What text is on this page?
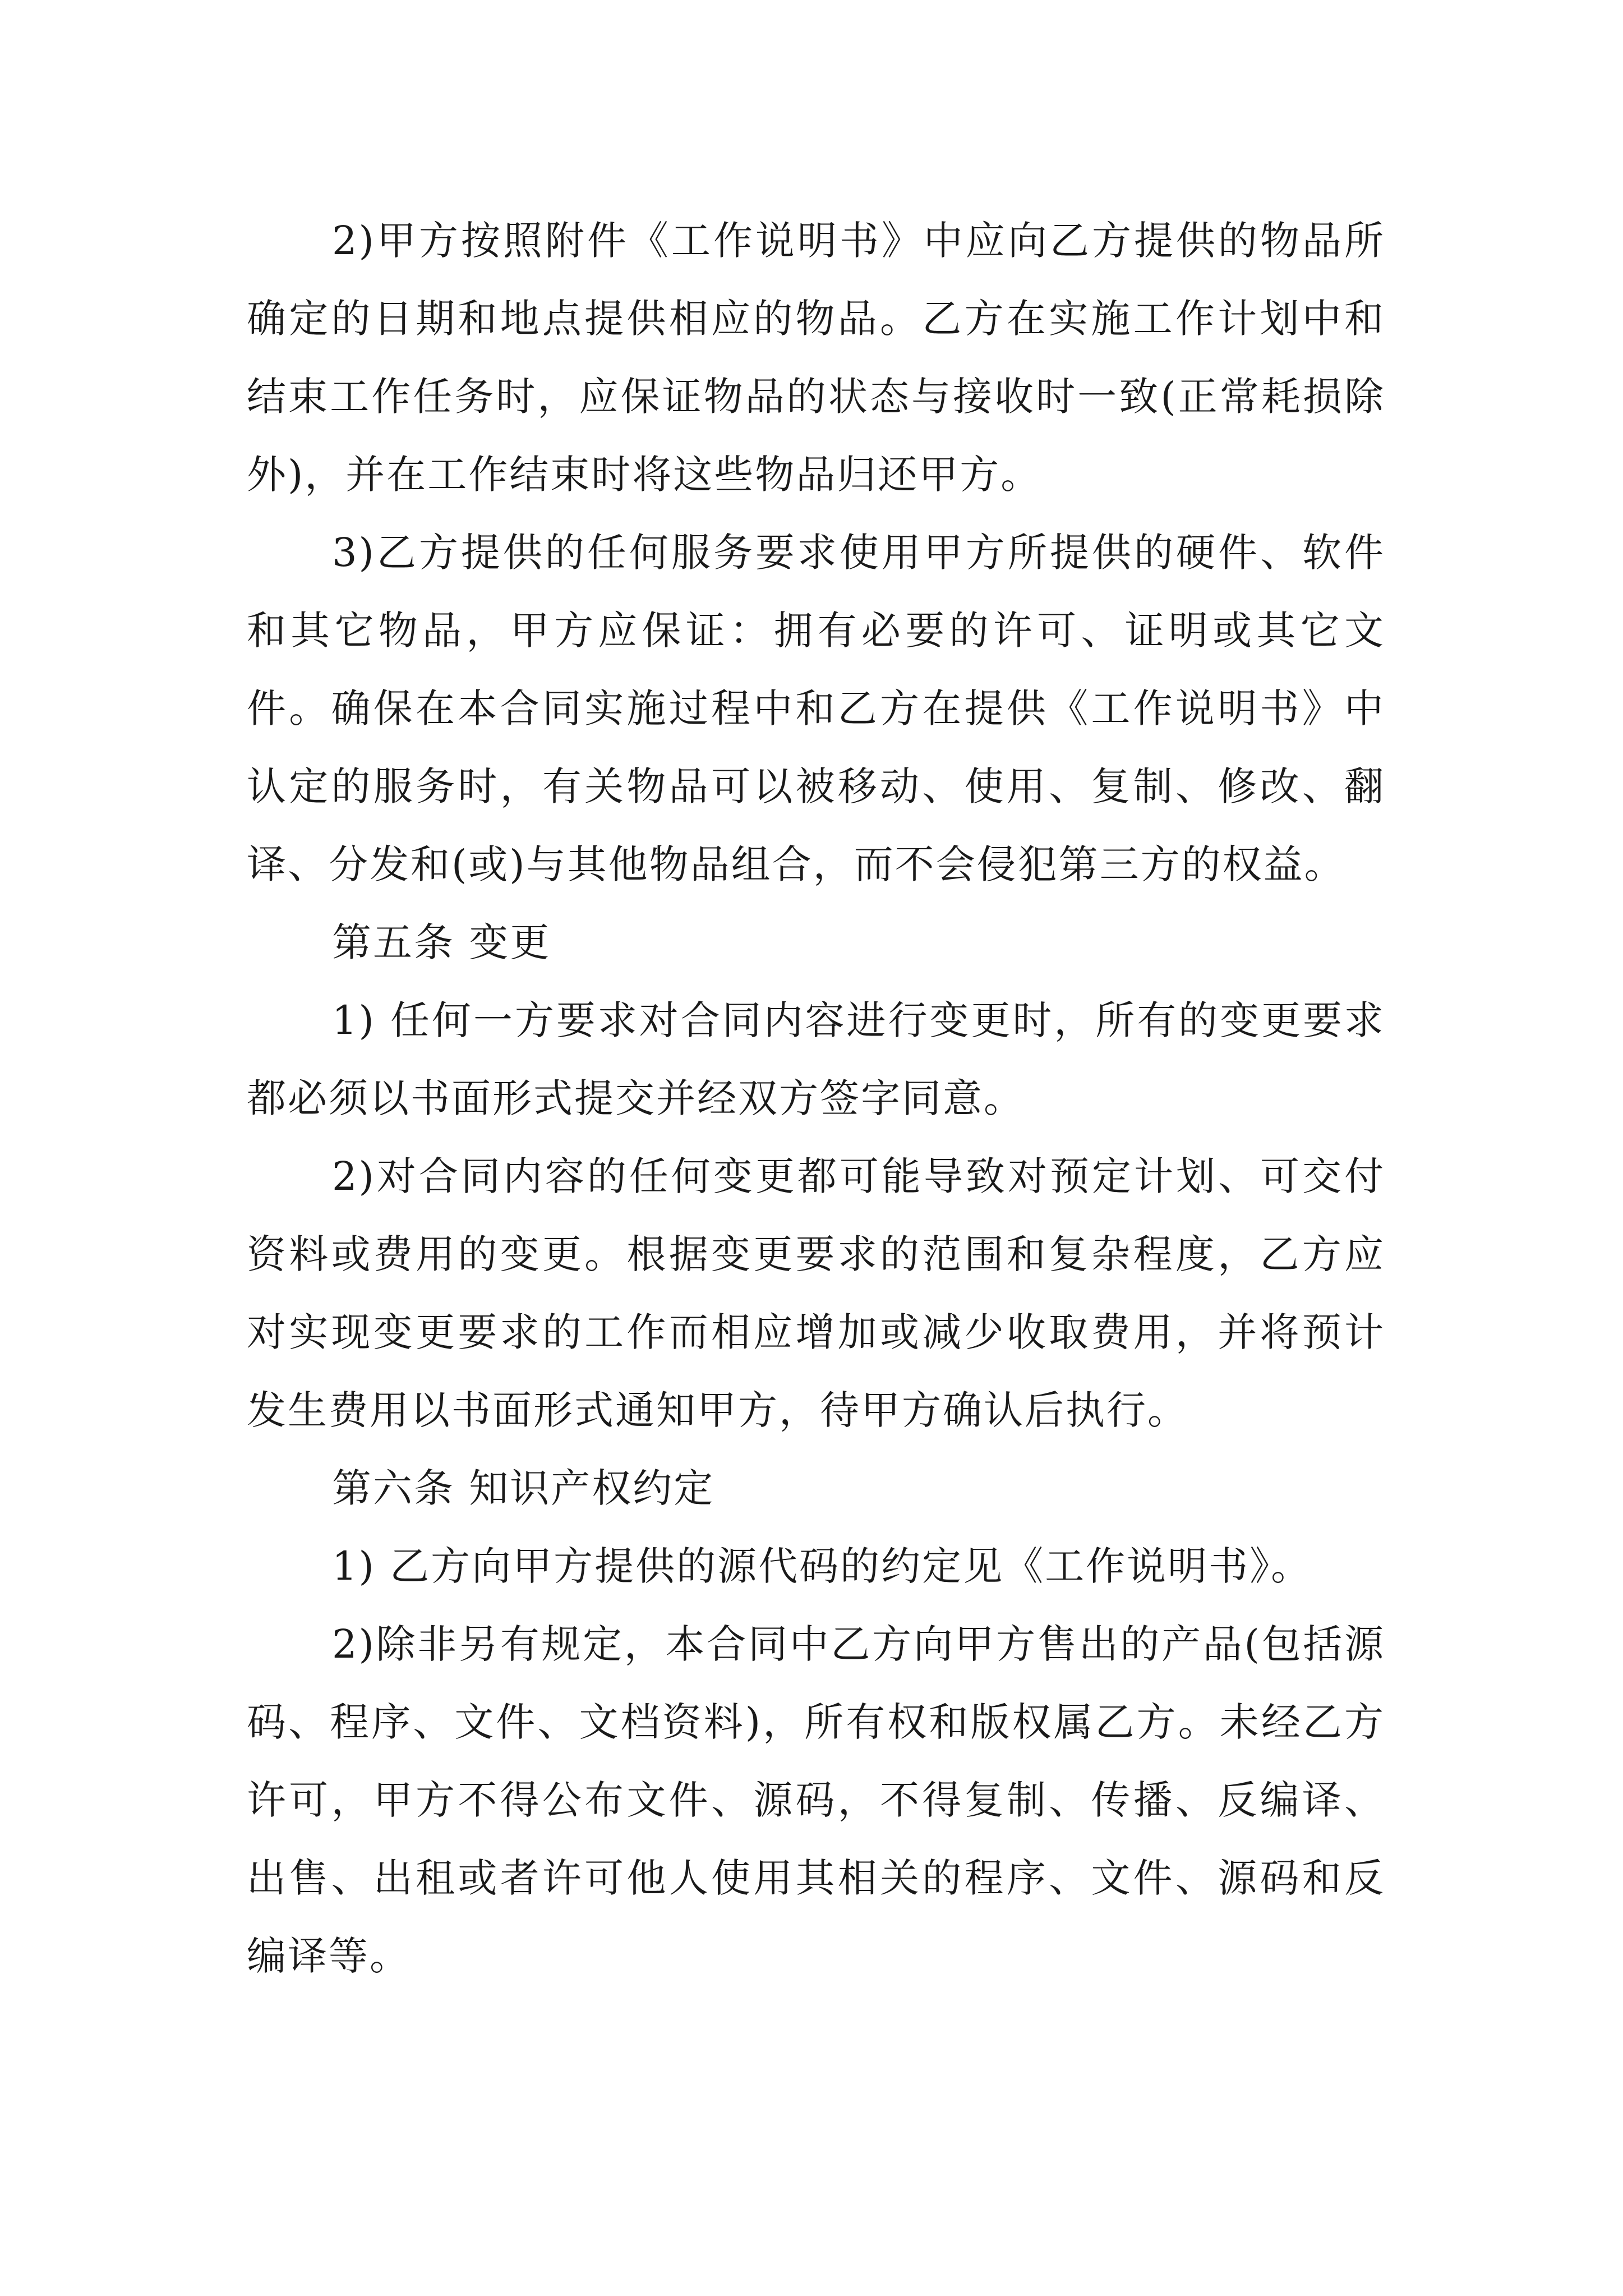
2)甲方按照附件《工作说明书》中应向乙方提供的物品所确定的日期和地点提供相应的物品。乙方在实施工作计划中和结束工作任务时，应保证物品的状态与接收时一致(正常耗损除外)，并在工作结束时将这些物品归还甲方。

3)乙方提供的任何服务要求使用甲方所提供的硬件、软件和其它物品，甲方应保证：拥有必要的许可、证明或其它文件。确保在本合同实施过程中和乙方在提供《工作说明书》中认定的服务时，有关物品可以被移动、使用、复制、修改、翻译、分发和(或)与其他物品组合，而不会侵犯第三方的权益。

第五条 变更

1) 任何一方要求对合同内容进行变更时，所有的变更要求都必须以书面形式提交并经双方签字同意。

2)对合同内容的任何变更都可能导致对预定计划、可交付资料或费用的变更。根据变更要求的范围和复杂程度，乙方应对实现变更要求的工作而相应增加或减少收取费用，并将预计发生费用以书面形式通知甲方，待甲方确认后执行。

第六条 知识产权约定

1) 乙方向甲方提供的源代码的约定见《工作说明书》。

2)除非另有规定，本合同中乙方向甲方售出的产品(包括源码、程序、文件、文档资料)，所有权和版权属乙方。未经乙方许可，甲方不得公布文件、源码，不得复制、传播、反编译、出售、出租或者许可他人使用其相关的程序、文件、源码和反编译等。
